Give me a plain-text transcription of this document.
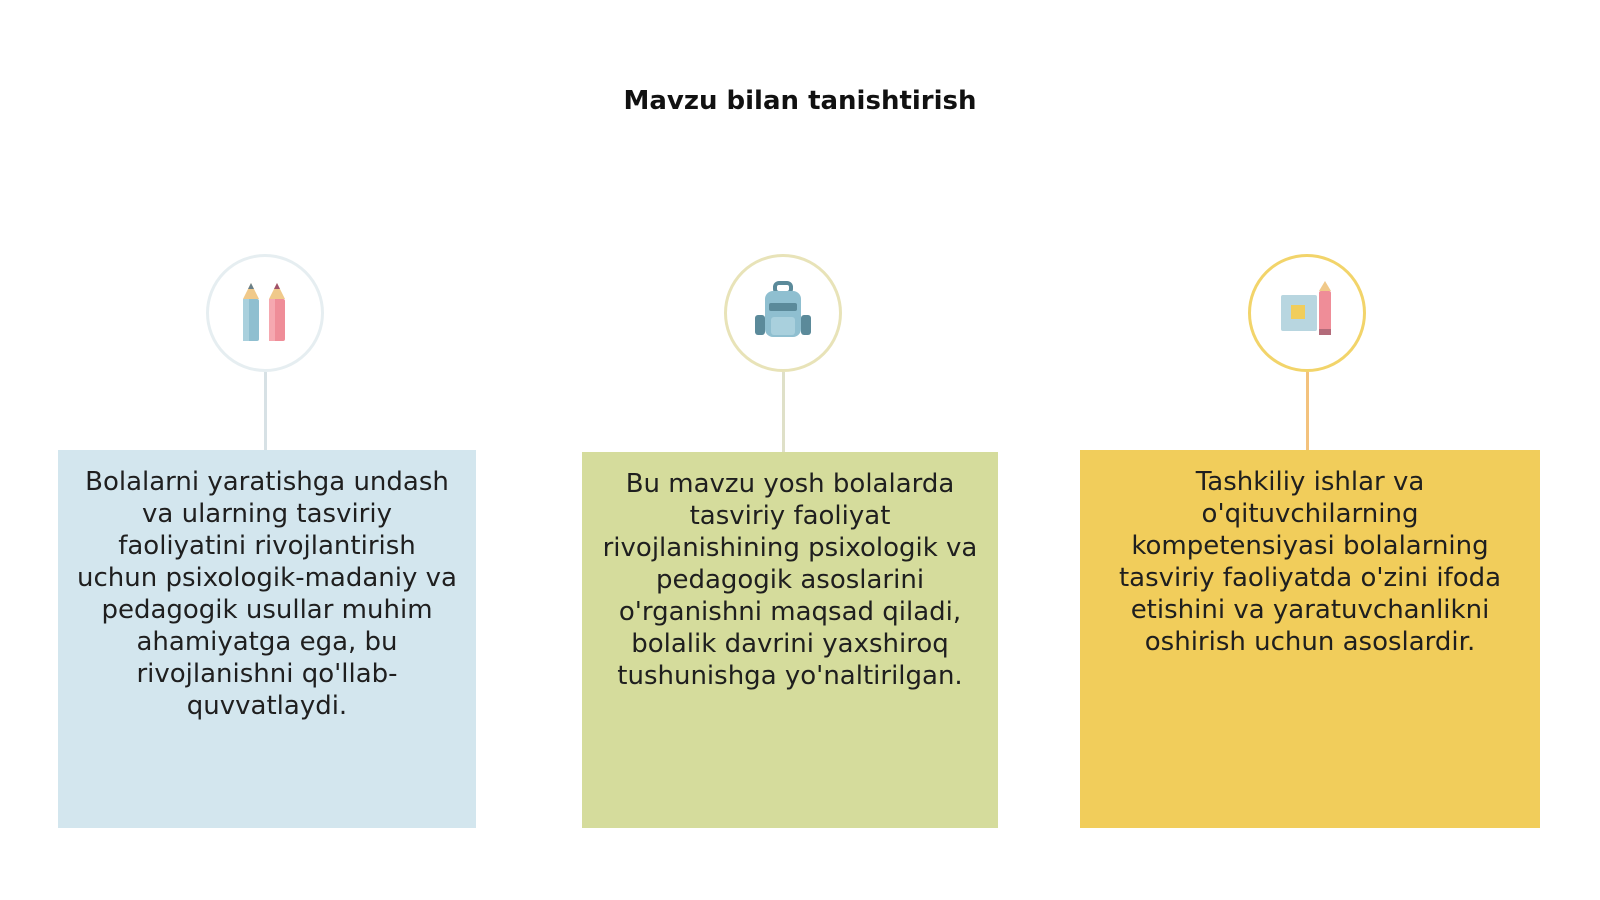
Mavzu bilan tanishtirish
Bolalarni yaratishga undash va ularning tasviriy faoliyatini rivojlantirish uchun psixologik-madaniy va pedagogik usullar muhim ahamiyatga ega, bu rivojlanishni qo'llab-quvvatlaydi.
Bu mavzu yosh bolalarda tasviriy faoliyat rivojlanishining psixologik va pedagogik asoslarini o'rganishni maqsad qiladi, bolalik davrini yaxshiroq tushunishga yo'naltirilgan.
Tashkiliy ishlar va o'qituvchilarning kompetensiyasi bolalarning tasviriy faoliyatda o'zini ifoda etishini va yaratuvchanlikni oshirish uchun asoslardir.
